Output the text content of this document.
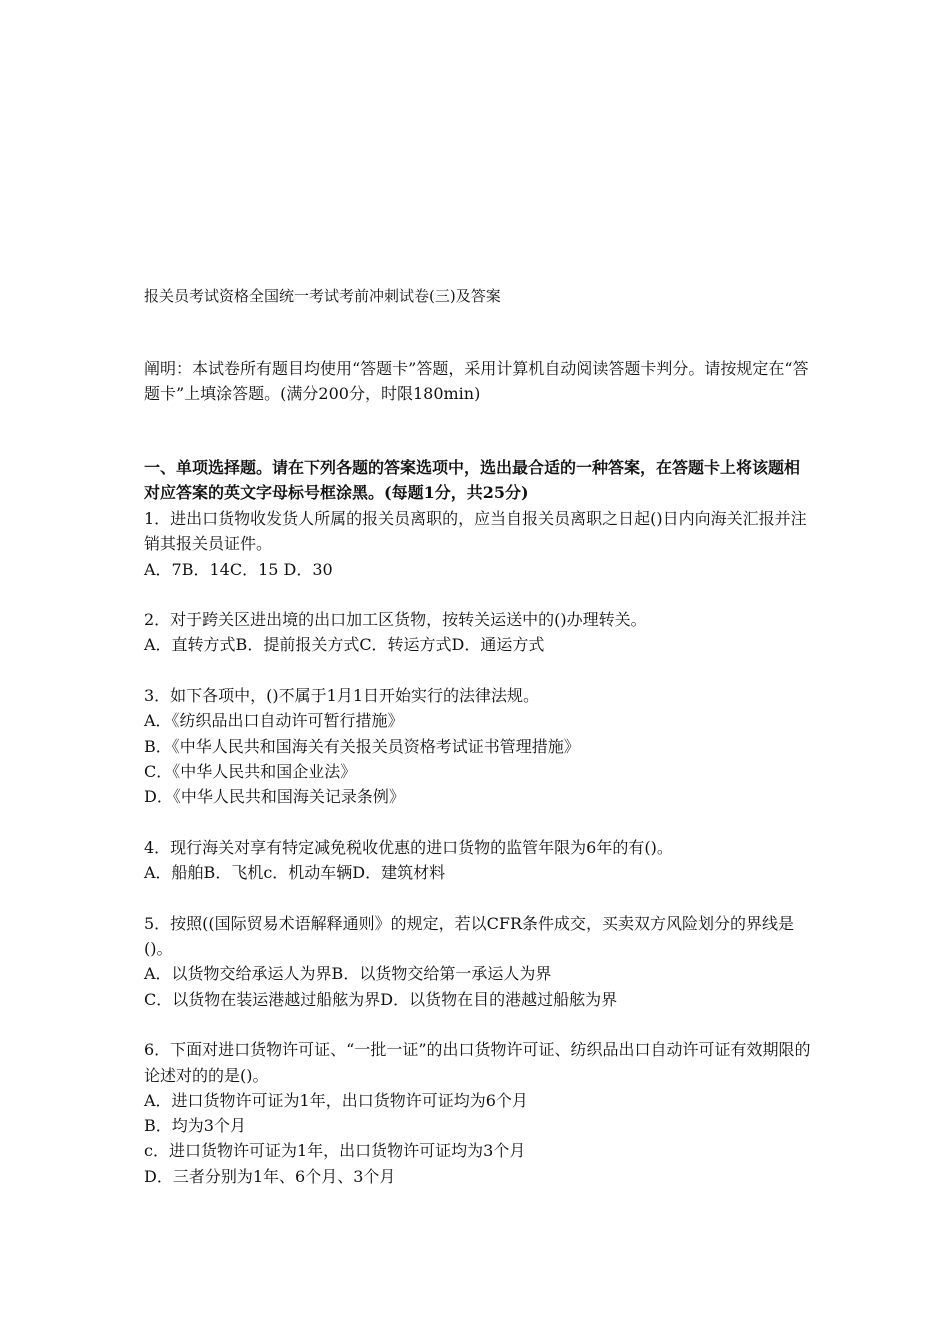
报关员考试资格全国统一考试考前冲刺试卷(三)及答案
阐明：本试卷所有题目均使用“答题卡”答题，采用计算机自动阅读答题卡判分。请按规定在“答题卡”上填涂答题。(满分200分，时限180min)
一、单项选择题。请在下列各题的答案选项中，选出最合适的一种答案，在答题卡上将该题相对应答案的英文字母标号框涂黑。(每题1分，共25分)
1．进出口货物收发货人所属的报关员离职的，应当自报关员离职之日起()日内向海关汇报并注销其报关员证件。
A．7B．14C．15 D．30
2．对于跨关区进出境的出口加工区货物，按转关运送中的()办理转关。
A．直转方式B．提前报关方式C．转运方式D．通运方式
3．如下各项中，()不属于1月1日开始实行的法律法规。
A．《纺织品出口自动许可暂行措施》
B．《中华人民共和国海关有关报关员资格考试证书管理措施》
C．《中华人民共和国企业法》
D．《中华人民共和国海关记录条例》
4．现行海关对享有特定减免税收优惠的进口货物的监管年限为6年的有()。
A．船舶B．飞机c．机动车辆D．建筑材料
5．按照((国际贸易术语解释通则》的规定，若以CFR条件成交，买卖双方风险划分的界线是()。
A．以货物交给承运人为界B．以货物交给第一承运人为界
C．以货物在装运港越过船舷为界D．以货物在目的港越过船舷为界
6．下面对进口货物许可证、“一批一证”的出口货物许可证、纺织品出口自动许可证有效期限的论述对的的是()。
A．进口货物许可证为1年，出口货物许可证均为6个月
B．均为3个月
c．进口货物许可证为1年，出口货物许可证均为3个月
D．三者分别为1年、6个月、3个月
